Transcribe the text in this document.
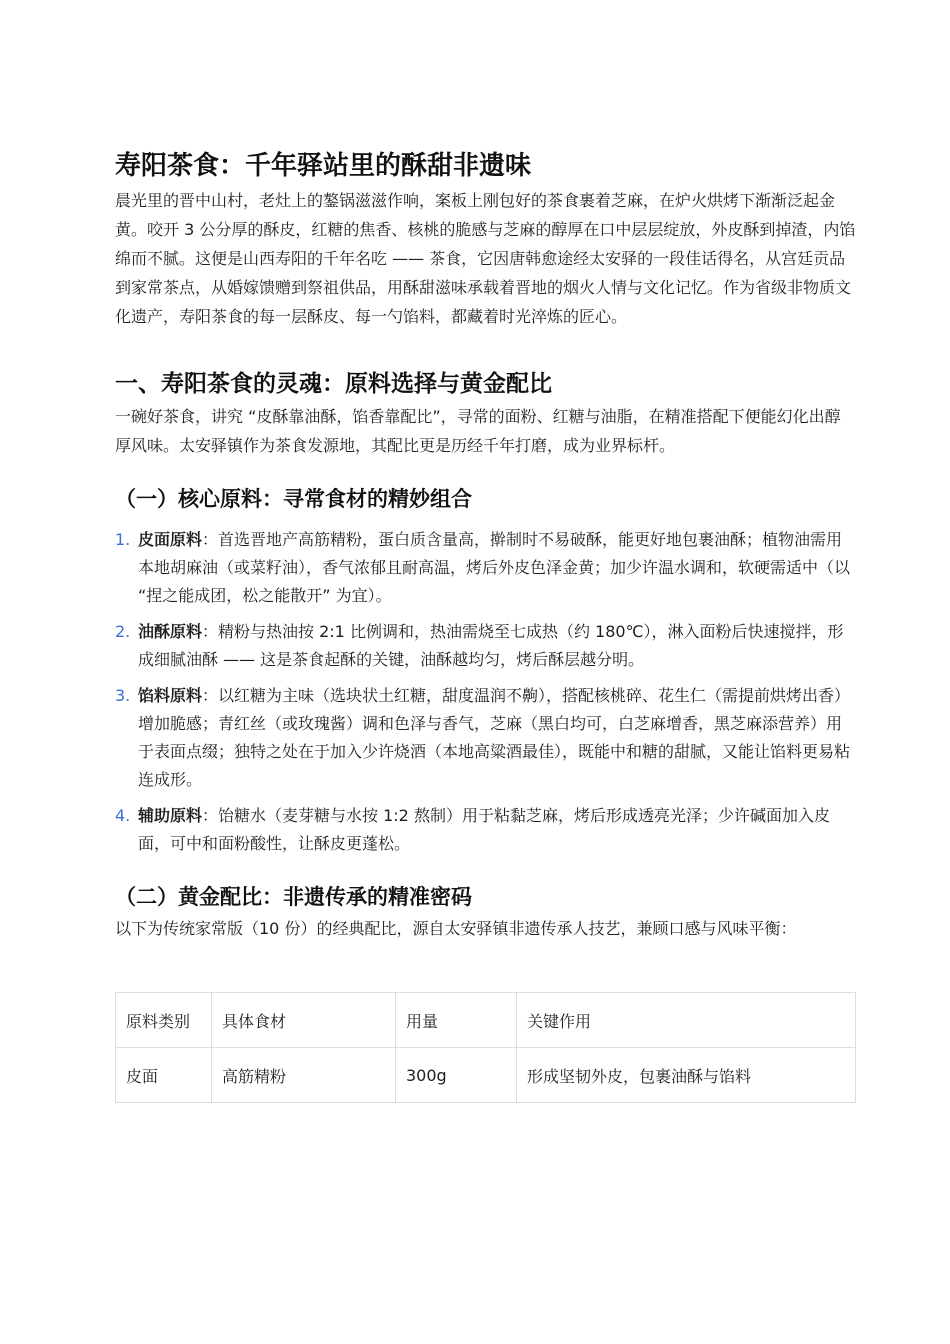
寿阳茶食：千年驿站里的酥甜非遗味

晨光里的晋中山村，老灶上的鏊锅滋滋作响，案板上刚包好的茶食裹着芝麻，在炉火烘烤下渐渐泛起金黄。咬开 3 公分厚的酥皮，红糖的焦香、核桃的脆感与芝麻的醇厚在口中层层绽放，外皮酥到掉渣，内馅绵而不腻。这便是山西寿阳的千年名吃 —— 茶食，它因唐韩愈途经太安驿的一段佳话得名，从宫廷贡品到家常茶点，从婚嫁馈赠到祭祖供品，用酥甜滋味承载着晋地的烟火人情与文化记忆。作为省级非物质文化遗产，寿阳茶食的每一层酥皮、每一勺馅料，都藏着时光淬炼的匠心。

一、寿阳茶食的灵魂：原料选择与黄金配比

一碗好茶食，讲究 “皮酥靠油酥，馅香靠配比”，寻常的面粉、红糖与油脂，在精准搭配下便能幻化出醇厚风味。太安驿镇作为茶食发源地，其配比更是历经千年打磨，成为业界标杆。

（一）核心原料：寻常食材的精妙组合
1. 皮面原料：首选晋地产高筋精粉，蛋白质含量高，擀制时不易破酥，能更好地包裹油酥；植物油需用本地胡麻油（或菜籽油），香气浓郁且耐高温，烤后外皮色泽金黄；加少许温水调和，软硬需适中（以 “捏之能成团，松之能散开” 为宜）。
2. 油酥原料：精粉与热油按 2:1 比例调和，热油需烧至七成热（约 180℃），淋入面粉后快速搅拌，形成细腻油酥 —— 这是茶食起酥的关键，油酥越均匀，烤后酥层越分明。
3. 馅料原料：以红糖为主味（选块状土红糖，甜度温润不齁），搭配核桃碎、花生仁（需提前烘烤出香）增加脆感；青红丝（或玫瑰酱）调和色泽与香气，芝麻（黑白均可，白芝麻增香，黑芝麻添营养）用于表面点缀；独特之处在于加入少许烧酒（本地高粱酒最佳），既能中和糖的甜腻，又能让馅料更易粘连成形。
4. 辅助原料：饴糖水（麦芽糖与水按 1:2 熬制）用于粘黏芝麻，烤后形成透亮光泽；少许碱面加入皮面，可中和面粉酸性，让酥皮更蓬松。
（二）黄金配比：非遗传承的精准密码

以下为传统家常版（10 份）的经典配比，源自太安驿镇非遗传承人技艺，兼顾口感与风味平衡：

原料类别	具体食材	用量	关键作用
皮面	高筋精粉	300g	形成坚韧外皮，包裹油酥与馅料
